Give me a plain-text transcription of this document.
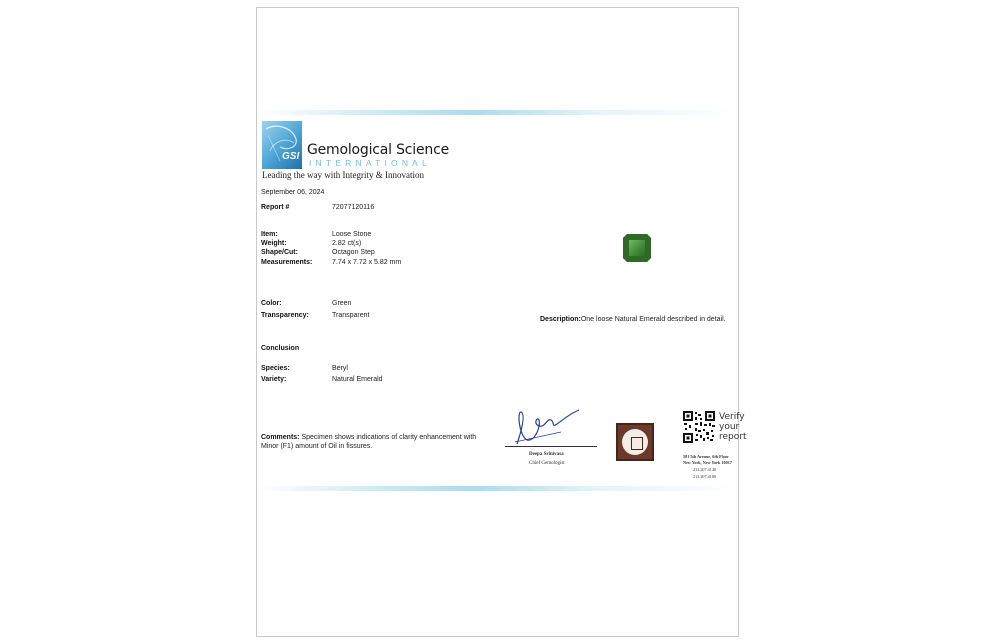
GSI Gemological Science
INTERNATIONAL
Leading the way with Integrity & Innovation
September 06, 2024
Report #	72077120116
Item:	Loose Stone
Weight:	2.82 ct(s)
Shape/Cut:	Octagon Step
Measurements:	7.74 x 7.72 x 5.82 mm
Color:	Green
Transparency:	Transparent
Conclusion
Species:	Beryl
Variety:	Natural Emerald
Comments: Specimen shows indications of clarity enhancement with
Minor (F1) amount of Oil in fissures.
Description:One loose Natural Emerald described in detail.
Deepa Srinivasa
Chief Gemologist
Verify
your
report
581 5th Avenue, 6th Floor
New York, New York 10017
212.207.4140
212.207.4106
